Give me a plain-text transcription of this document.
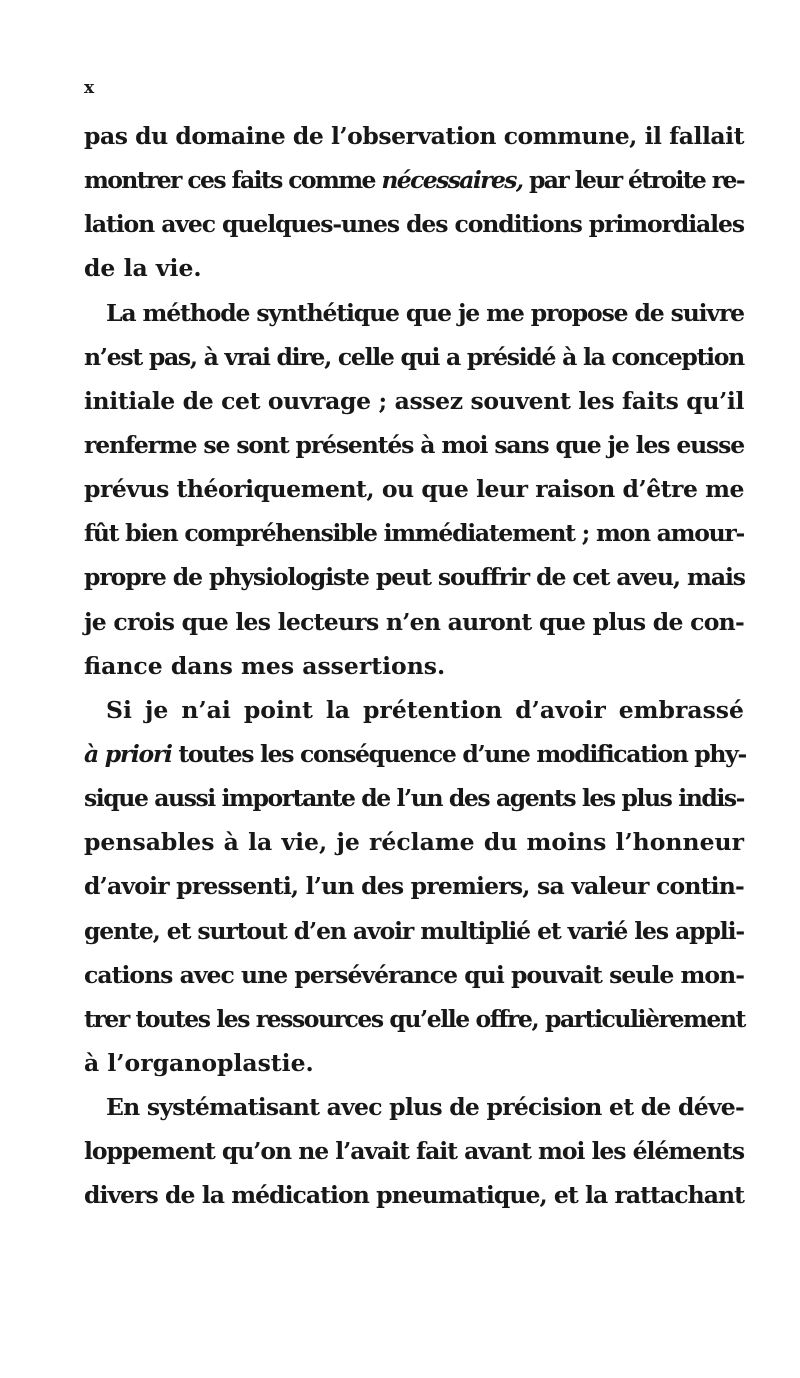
x
pas du domaine de l’observation commune, il fallait
montrer ces faits comme nécessaires, par leur étroite re-
lation avec quelques-unes des conditions primordiales
de la vie.
La méthode synthétique que je me propose de suivre
n’est pas, à vrai dire, celle qui a présidé à la conception
initiale de cet ouvrage ; assez souvent les faits qu’il
renferme se sont présentés à moi sans que je les eusse
prévus théoriquement, ou que leur raison d’être me
fût bien compréhensible immédiatement ; mon amour-
propre de physiologiste peut souffrir de cet aveu, mais
je crois que les lecteurs n’en auront que plus de con-
fiance dans mes assertions.
Si je n’ai point la prétention d’avoir embrassé
à priori toutes les conséquence d’une modification phy-
sique aussi importante de l’un des agents les plus indis-
pensables à la vie, je réclame du moins l’honneur
d’avoir pressenti, l’un des premiers, sa valeur contin-
gente, et surtout d’en avoir multiplié et varié les appli-
cations avec une persévérance qui pouvait seule mon-
trer toutes les ressources qu’elle offre, particulièrement
à l’organoplastie.
En systématisant avec plus de précision et de déve-
loppement qu’on ne l’avait fait avant moi les éléments
divers de la médication pneumatique, et la rattachant
